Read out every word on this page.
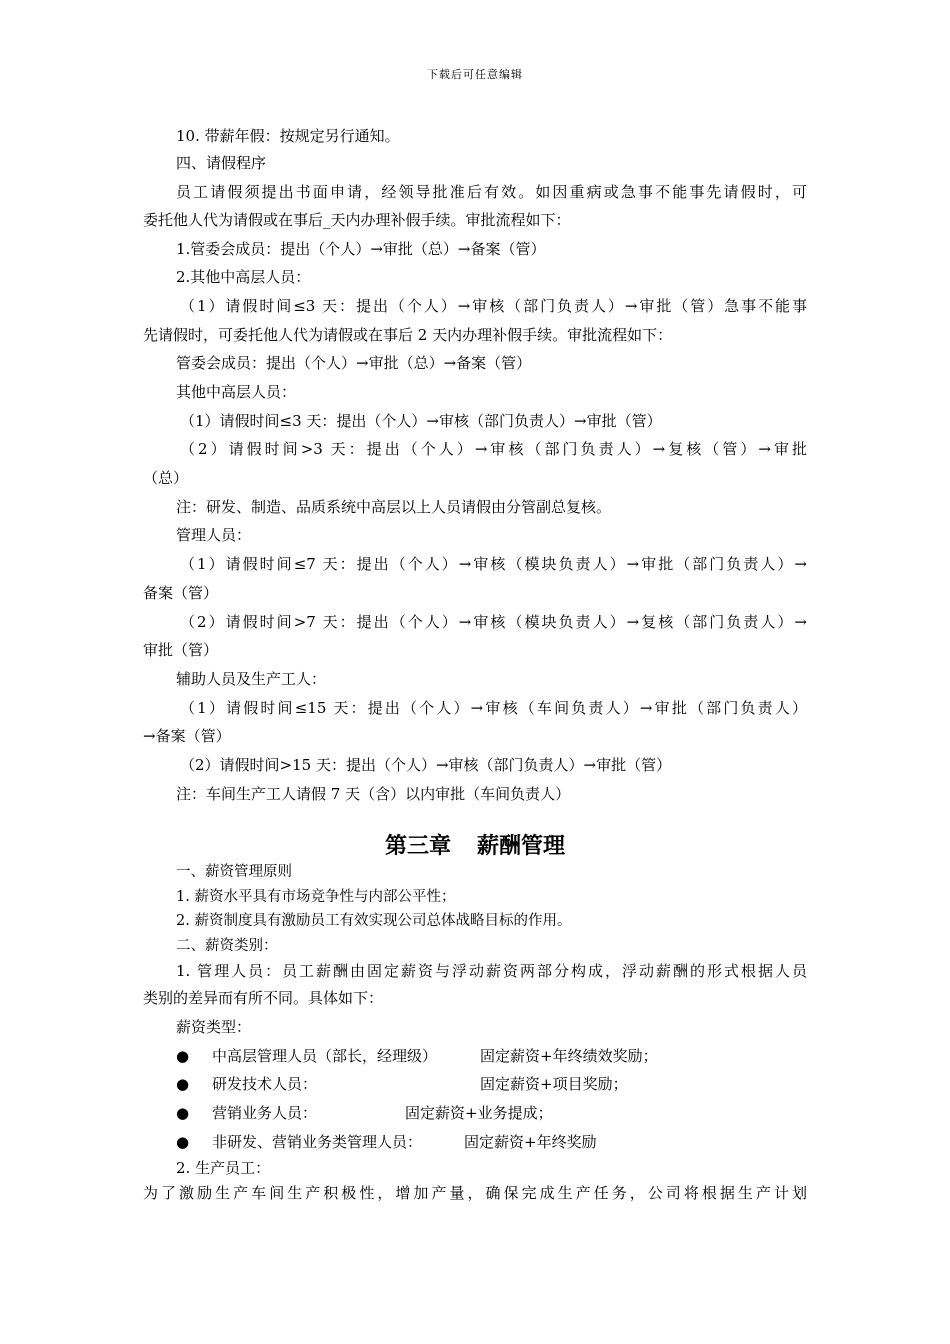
下载后可任意编辑
10. 带薪年假：按规定另行通知。
四、请假程序
员工请假须提出书面申请，经领导批准后有效。如因重病或急事不能事先请假时，可
委托他人代为请假或在事后_天内办理补假手续。审批流程如下：
1.管委会成员：提出（个人）→审批（总）→备案（管）
2.其他中高层人员：
（1）请假时间≤3 天：提出（个人）→审核（部门负责人）→审批（管）急事不能事
先请假时，可委托他人代为请假或在事后 2 天内办理补假手续。审批流程如下：
管委会成员：提出（个人）→审批（总）→备案（管）
其他中高层人员：
（1）请假时间≤3 天：提出（个人）→审核（部门负责人）→审批（管）
（2）请假时间>3 天：提出（个人）→审核（部门负责人）→复核（管）→审批
（总）
注：研发、制造、品质系统中高层以上人员请假由分管副总复核。
管理人员：
（1）请假时间≤7 天：提出（个人）→审核（模块负责人）→审批（部门负责人）→
备案（管）
（2）请假时间>7 天：提出（个人）→审核（模块负责人）→复核（部门负责人）→
审批（管）
辅助人员及生产工人：
（1）请假时间≤15 天：提出（个人）→审核（车间负责人）→审批（部门负责人）
→备案（管）
（2）请假时间>15 天：提出（个人）→审核（部门负责人）→审批（管）
注：车间生产工人请假 7 天（含）以内审批（车间负责人）
第三章 薪酬管理
一、薪资管理原则
1. 薪资水平具有市场竞争性与内部公平性；
2. 薪资制度具有激励员工有效实现公司总体战略目标的作用。
二、薪资类别：
1. 管理人员：员工薪酬由固定薪资与浮动薪资两部分构成，浮动薪酬的形式根据人员
类别的差异而有所不同。具体如下：
薪资类型：
● 中高层管理人员（部长，经理级）	固定薪资+年终绩效奖励；
● 研发技术人员：	固定薪资+项目奖励；
● 营销业务人员：	固定薪资+业务提成；
● 非研发、营销业务类管理人员：	固定薪资+年终奖励
2. 生产员工：
为了激励生产车间生产积极性，增加产量，确保完成生产任务，公司将根据生产计划
